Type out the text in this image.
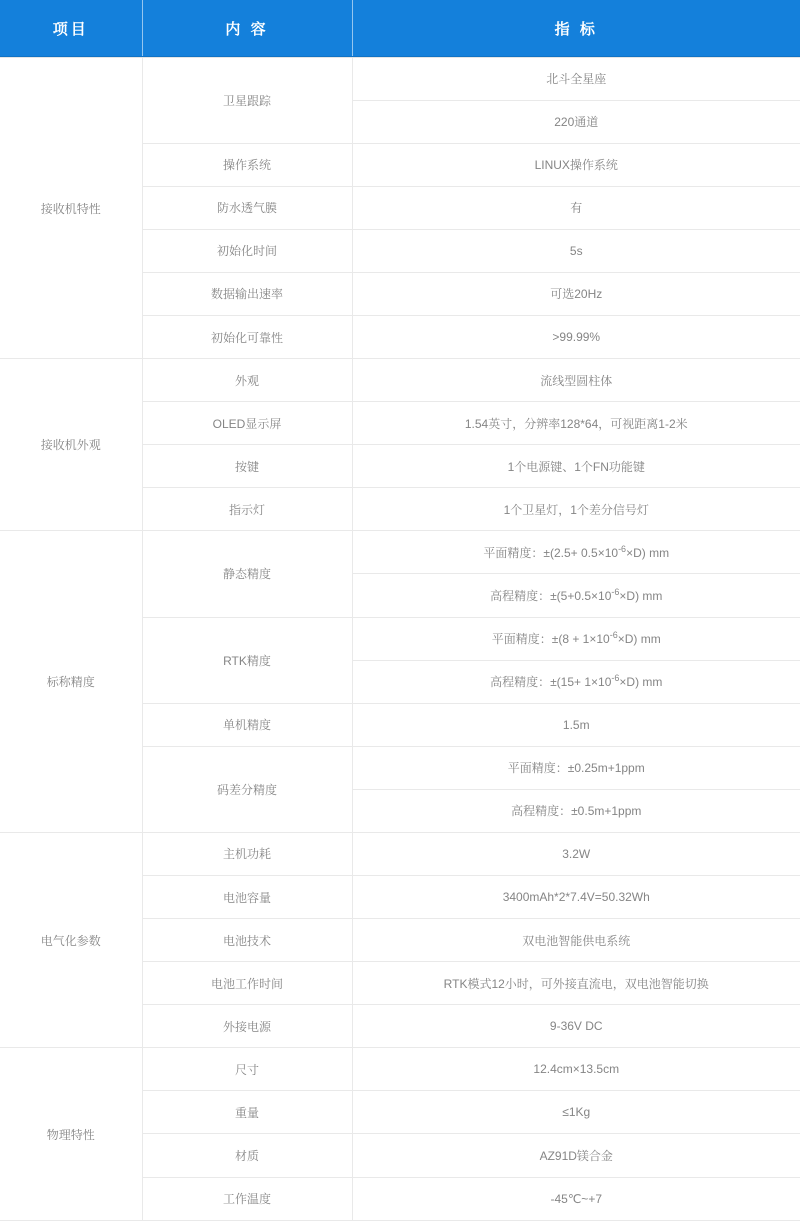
项目	内 容	指 标
接收机特性	卫星跟踪	北斗全星座
		220通道
	操作系统	LINUX操作系统
	防水透气膜	有
	初始化时间	5s
	数据输出速率	可选20Hz
	初始化可靠性	>99.99%
接收机外观	外观	流线型圆柱体
	OLED显示屏	1.54英寸，分辨率128*64，可视距离1-2米
	按键	1个电源键、1个FN功能键
	指示灯	1个卫星灯，1个差分信号灯
标称精度	静态精度	平面精度：$\pm(2.5+ 0.5\times 10^{-6}\times D)$ mm
		高程精度：$\pm(5+0.5\times 10^{-6}\times D)$ mm
	RTK精度	平面精度：$\pm(8 + 1\times 10^{-6}\times D)$ mm
		高程精度：$\pm(15+ 1\times 10^{-6}\times D)$ mm
	单机精度	1.5m
	码差分精度	平面精度：±0.25m+1ppm
		高程精度：±0.5m+1ppm
电气化参数	主机功耗	3.2W
	电池容量	3400mAh*2*7.4V=50.32Wh
	电池技术	双电池智能供电系统
	电池工作时间	RTK模式12小时，可外接直流电，双电池智能切换
	外接电源	9-36V DC
物理特性	尺寸	12.4cm×13.5cm
	重量	≤1Kg
	材质	AZ91D镁合金
	工作温度	-45℃~+7
